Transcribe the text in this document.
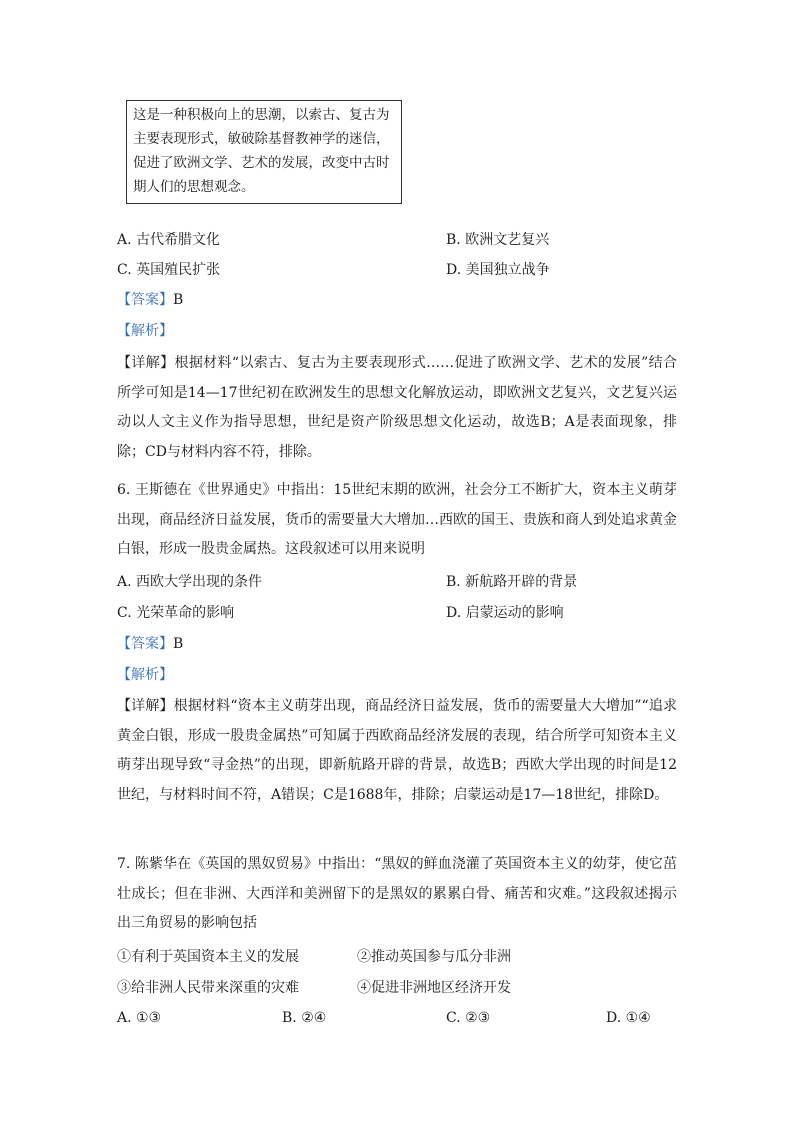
这是一种积极向上的思潮，以索古、复古为主要表现形式，敏破除基督教神学的迷信，促进了欧洲文学、艺术的发展，改变中古时期人们的思想观念。
A. 古代希腊文化	B. 欧洲文艺复兴
C. 英国殖民扩张	D. 美国独立战争
【答案】B
【解析】

【详解】根据材料“以索古、复古为主要表现形式……促进了欧洲文学、艺术的发展”结合所学可知是14—17世纪初在欧洲发生的思想文化解放运动，即欧洲文艺复兴，文艺复兴运动以人文主义作为指导思想，世纪是资产阶级思想文化运动，故选B；A是表面现象，排除；CD与材料内容不符，排除。

6. 王斯德在《世界通史》中指出：15世纪末期的欧洲，社会分工不断扩大，资本主义萌芽出现，商品经济日益发展，货币的需要量大大增加…西欧的国王、贵族和商人到处追求黄金白银，形成一股贵金属热。这段叙述可以用来说明

A. 西欧大学出现的条件	B. 新航路开辟的背景
C. 光荣革命的影响	D. 启蒙运动的影响
【答案】B
【解析】

【详解】根据材料“资本主义萌芽出现，商品经济日益发展，货币的需要量大大增加”“追求黄金白银，形成一股贵金属热”可知属于西欧商品经济发展的表现，结合所学可知资本主义萌芽出现导致“寻金热”的出现，即新航路开辟的背景，故选B；西欧大学出现的时间是12世纪，与材料时间不符，A错误；C是1688年，排除；启蒙运动是17—18世纪，排除D。

7. 陈紫华在《英国的黑奴贸易》中指出：“黑奴的鲜血浇灌了英国资本主义的幼芽，使它茁壮成长；但在非洲、大西洋和美洲留下的是黑奴的累累白骨、痛苦和灾难。”这段叙述揭示出三角贸易的影响包括

①有利于英国资本主义的发展	②推动英国参与瓜分非洲
③给非洲人民带来深重的灾难	④促进非洲地区经济开发
A. ①③	B. ②④	C. ②③	D. ①④
